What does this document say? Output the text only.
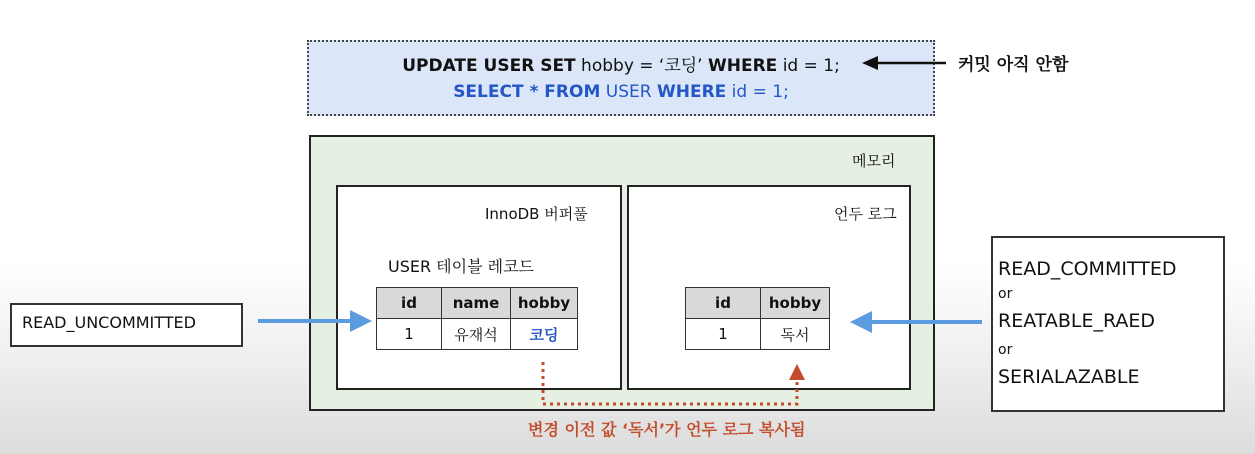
UPDATE USER SET hobby = ‘코딩’ WHERE id = 1;
SELECT * FROM USER WHERE id = 1;
커밋 아직 안함
메모리
InnoDB 버퍼풀
USER 테이블 레코드
id	name	hobby
1	유재석	코딩
언두 로그
id	hobby
1	독서
READ_UNCOMMITTED
READ_COMMITTED
or
REATABLE_RAED
or
SERIALAZABLE
변경 이전 값 ‘독서’가 언두 로그 복사됨
